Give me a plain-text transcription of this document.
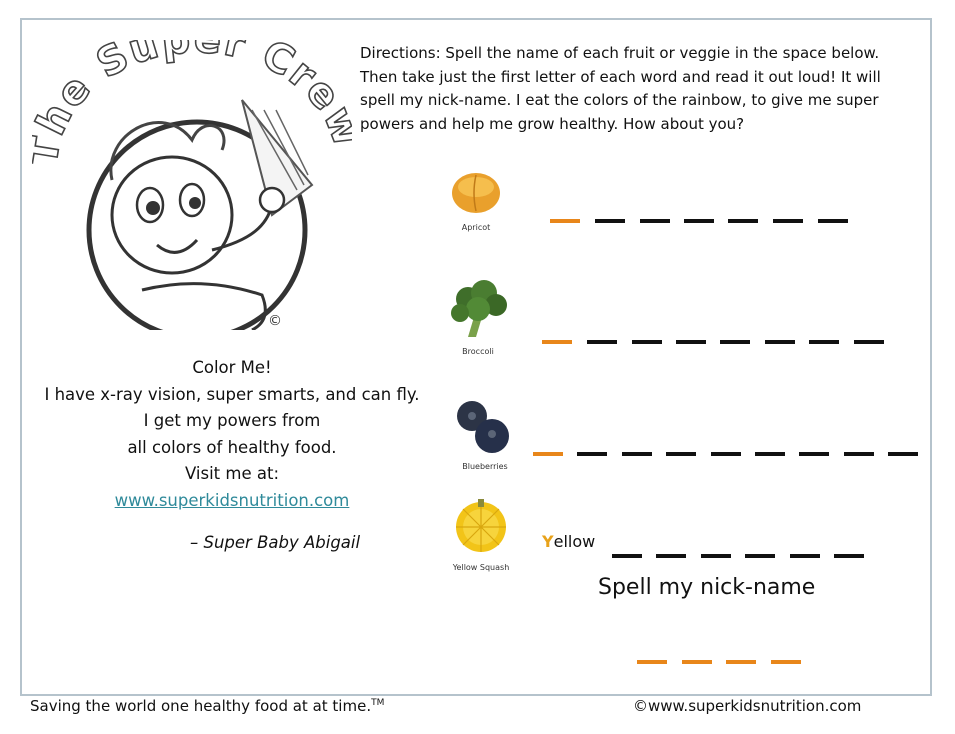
he Sup r Cre
©
Directions: Spell the name of each fruit or veggie in the space below. Then take just the first letter of each word and read it out loud! It will spell my nick-name. I eat the colors of the rainbow, to give me super powers and help me grow healthy. How about you?
Color Me!
I have x-ray vision, super smarts, and can fly.
I get my powers from
all colors of healthy food.
Visit me at:
www.superkidsnutrition.com
– Super Baby Abigail
Apricot
Broccoli
Blueberries
Yellow Squash
Yellow
Spell my nick-name
Saving the world one healthy food at at time.™	©www.superkidsnutrition.com
